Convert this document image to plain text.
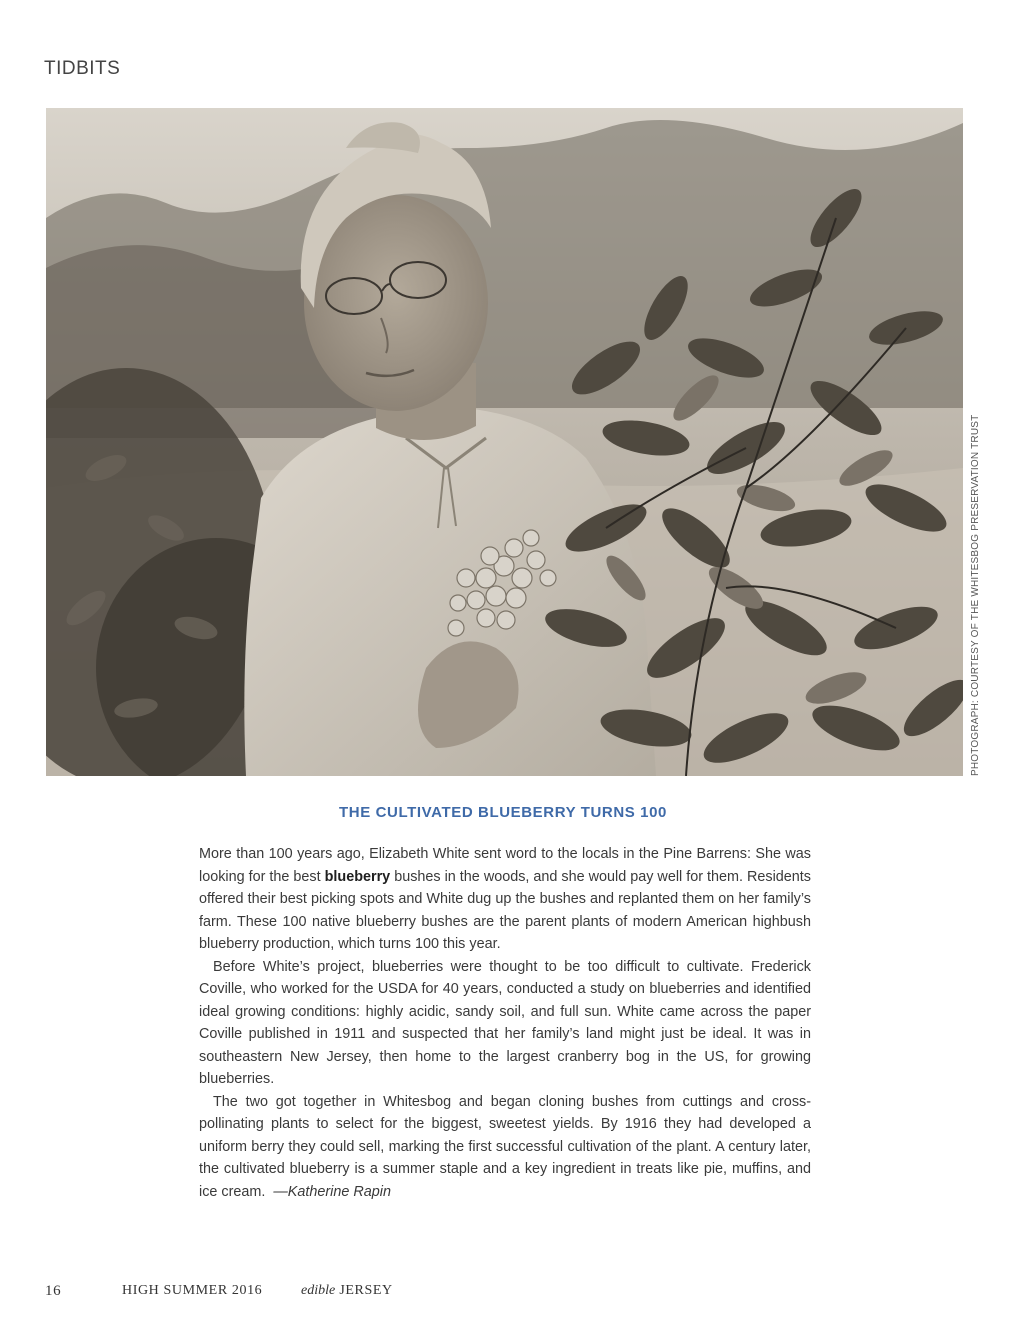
TIDBITS
PHOTOGRAPH: COURTESY OF THE WHITESBOG PRESERVATION TRUST
THE CULTIVATED BLUEBERRY TURNS 100

More than 100 years ago, Elizabeth White sent word to the locals in the Pine Barrens: She was looking for the best blueberry bushes in the woods, and she would pay well for them. Residents offered their best picking spots and White dug up the bushes and replanted them on her family’s farm. These 100 native blueberry bushes are the parent plants of modern American highbush blueberry production, which turns 100 this year.

Before White’s project, blueberries were thought to be too difficult to cultivate. Frederick Coville, who worked for the USDA for 40 years, conducted a study on blueberries and identified ideal growing conditions: highly acidic, sandy soil, and full sun. White came across the paper Coville published in 1911 and suspected that her family’s land might just be ideal. It was in southeastern New Jersey, then home to the largest cranberry bog in the US, for growing blueberries.

The two got together in Whitesbog and began cloning bushes from cuttings and cross-pollinating plants to select for the biggest, sweetest yields. By 1916 they had developed a uniform berry they could sell, marking the first successful cultivation of the plant. A century later, the cultivated blueberry is a summer staple and a key ingredient in treats like pie, muffins, and ice cream. —Katherine Rapin

16	HIGH SUMMER 2016	edible JERSEY
